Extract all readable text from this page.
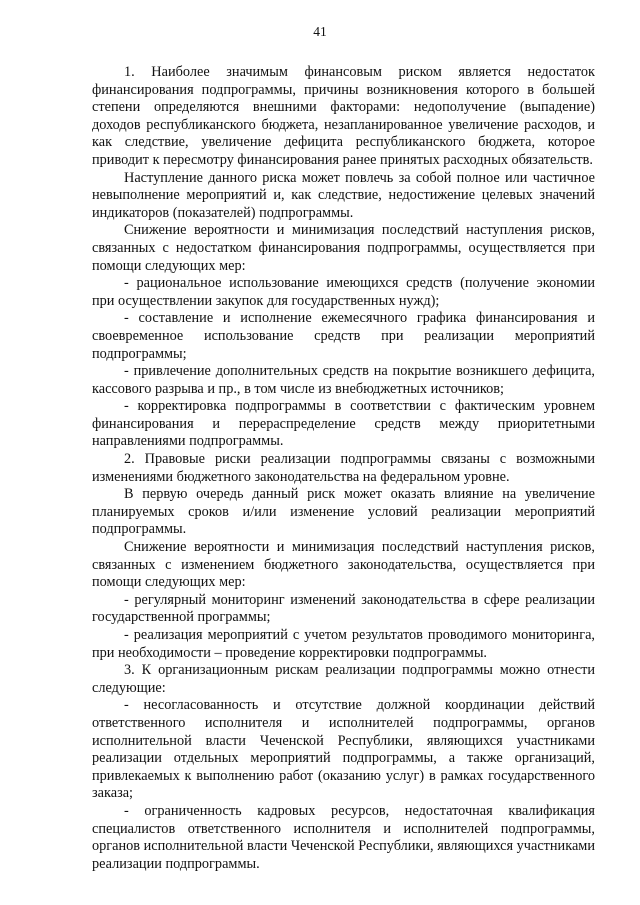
41

1. Наиболее значимым финансовым риском является недостаток финансирования подпрограммы, причины возникновения которого в большей степени определяются внешними факторами: недополучение (выпадение) доходов республиканского бюджета, незапланированное увеличение расходов, и как следствие, увеличение дефицита республиканского бюджета, которое приводит к пересмотру финансирования ранее принятых расходных обязательств.

Наступление данного риска может повлечь за собой полное или частичное невыполнение мероприятий и, как следствие, недостижение целевых значений индикаторов (показателей) подпрограммы.

Снижение вероятности и минимизация последствий наступления рисков, связанных с недостатком финансирования подпрограммы, осуществляется при помощи следующих мер:

- рациональное использование имеющихся средств (получение экономии при осуществлении закупок для государственных нужд);

- составление и исполнение ежемесячного графика финансирования и своевременное использование средств при реализации мероприятий подпрограммы;

- привлечение дополнительных средств на покрытие возникшего дефицита, кассового разрыва и пр., в том числе из внебюджетных источников;

- корректировка подпрограммы в соответствии с фактическим уровнем финансирования и перераспределение средств между приоритетными направлениями подпрограммы.

2. Правовые риски реализации подпрограммы связаны с возможными изменениями бюджетного законодательства на федеральном уровне.

В первую очередь данный риск может оказать влияние на увеличение планируемых сроков и/или изменение условий реализации мероприятий подпрограммы.

Снижение вероятности и минимизация последствий наступления рисков, связанных с изменением бюджетного законодательства, осуществляется при помощи следующих мер:

- регулярный мониторинг изменений законодательства в сфере реализации государственной программы;

- реализация мероприятий с учетом результатов проводимого мониторинга, при необходимости – проведение корректировки подпрограммы.

3. К организационным рискам реализации подпрограммы можно отнести следующие:

- несогласованность и отсутствие должной координации действий ответственного исполнителя и исполнителей подпрограммы, органов исполнительной власти Чеченской Республики, являющихся участниками реализации отдельных мероприятий подпрограммы, а также организаций, привлекаемых к выполнению работ (оказанию услуг) в рамках государственного заказа;

- ограниченность кадровых ресурсов, недостаточная квалификация специалистов ответственного исполнителя и исполнителей подпрограммы, органов исполнительной власти Чеченской Республики, являющихся участниками реализации подпрограммы.
